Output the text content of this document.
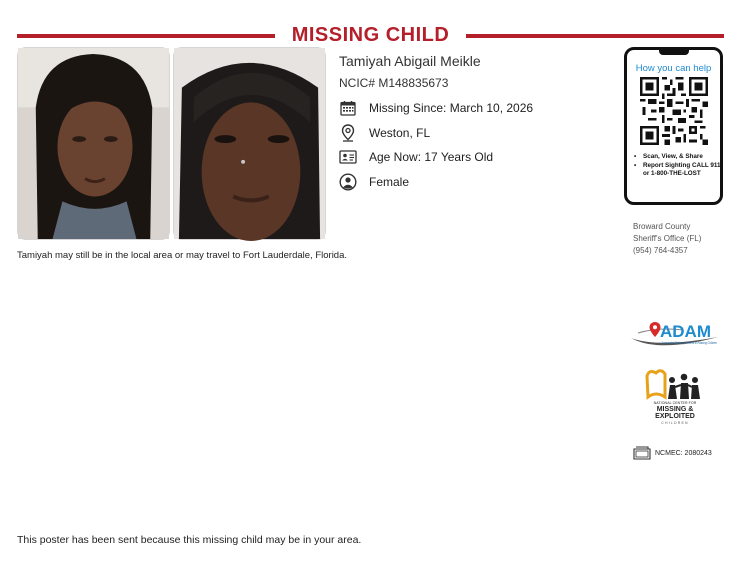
MISSING CHILD
Tamiyah Abigail Meikle
NCIC# M148835673
Missing Since: March 10, 2026
Weston, FL
Age Now: 17 Years Old
Female
Tamiyah may still be in the local area or may travel to Fort Lauderdale, Florida.
How you can help
• Scan, View, & Share
• Report Sighting CALL 911 or 1-800-THE-LOST
Broward County
Sheriff's Office (FL)
(954) 764-4357
ADAM
Automated Delivery of Alerts on Missing Children
NATIONAL CENTER FOR
MISSING &
EXPLOITED
CHILDREN
NCMEC: 2080243
This poster has been sent because this missing child may be in your area.
